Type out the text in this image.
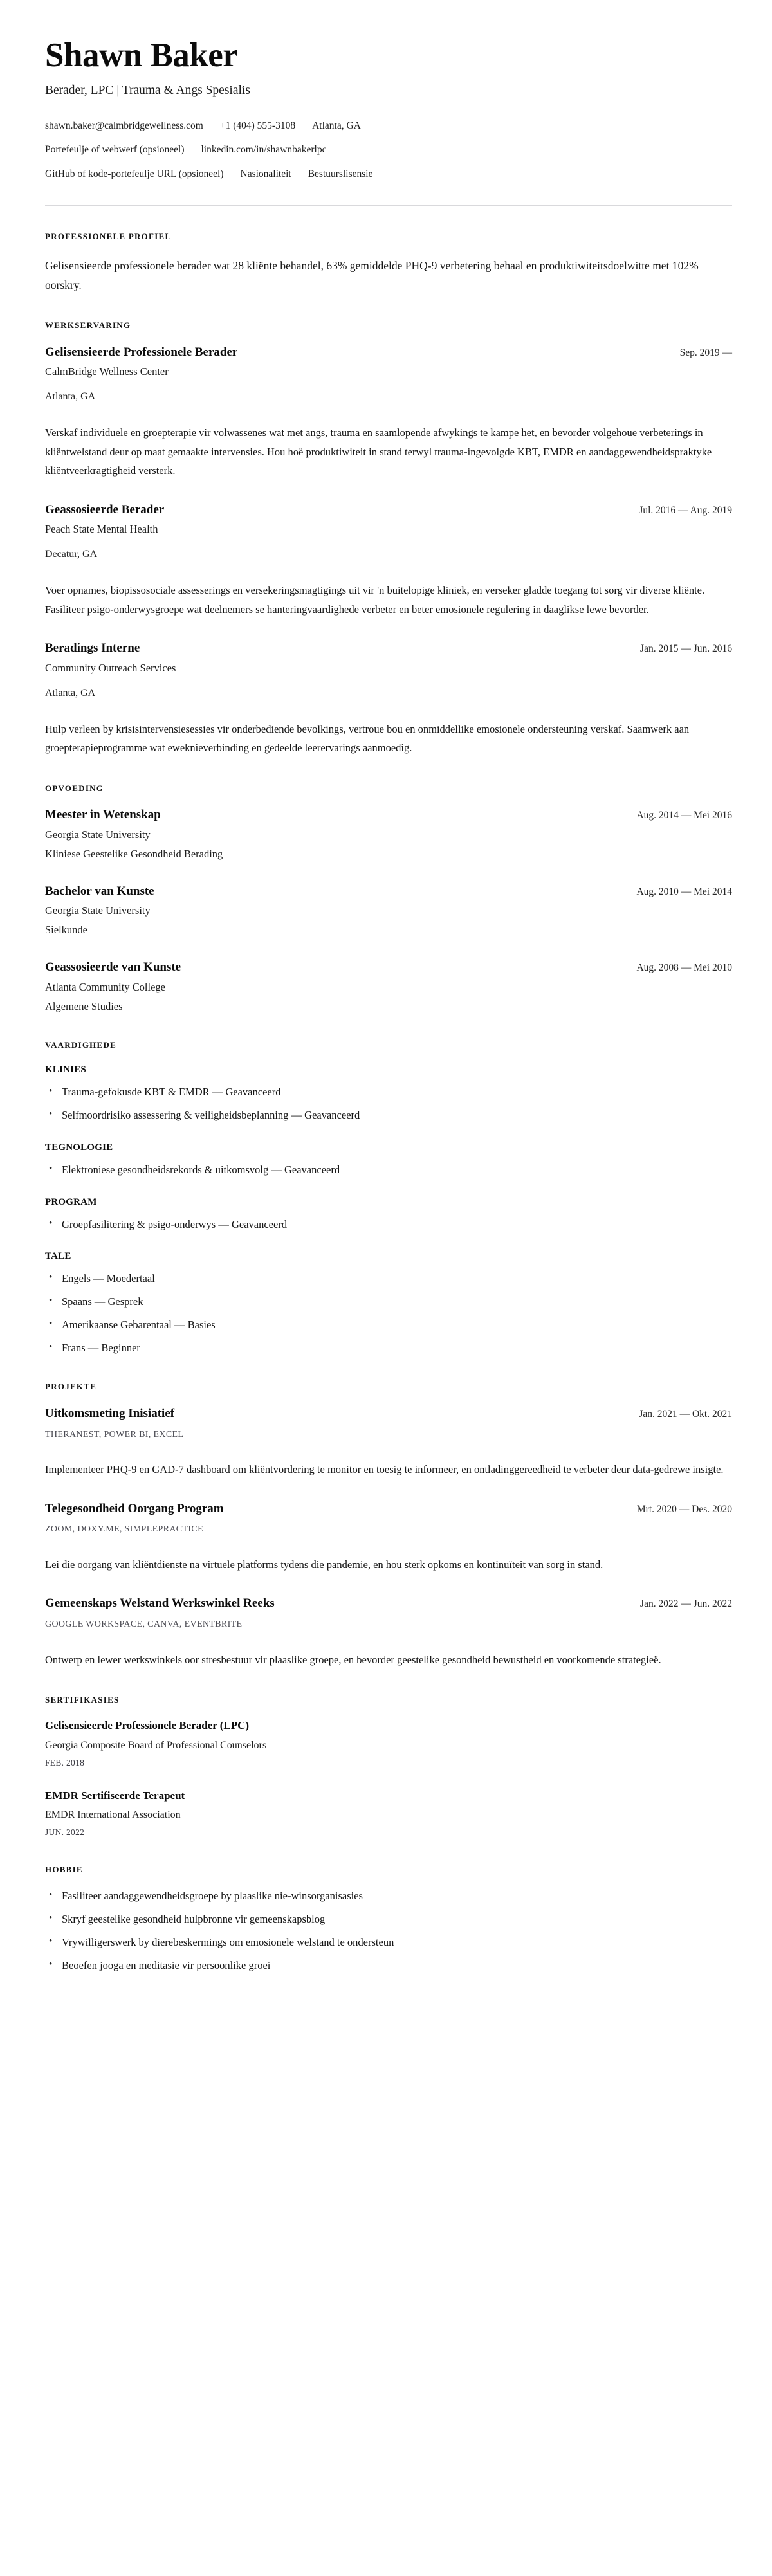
Shawn Baker
Berader, LPC | Trauma & Angs Spesialis
shawn.baker@calmbridgewellness.com +1 (404) 555-3108 Atlanta, GA
Portefeulje of webwerf (opsioneel) linkedin.com/in/shawnbakerlpc
GitHub of kode-portefeulje URL (opsioneel) Nasionaliteit Bestuurslisensie
PROFESSIONELE PROFIEL

Gelisensieerde professionele berader wat 28 kliënte behandel, 63% gemiddelde PHQ-9 verbetering behaal en produktiwiteitsdoelwitte met 102% oorskry.

WERKSERVARING
Gelisensieerde Professionele Berader	Sep. 2019 —
CalmBridge Wellness Center
Atlanta, GA

Verskaf individuele en groepterapie vir volwassenes wat met angs, trauma en saamlopende afwykings te kampe het, en bevorder volgehoue verbeterings in kliëntwelstand deur op maat gemaakte intervensies. Hou hoë produktiwiteit in stand terwyl trauma-ingevolgde KBT, EMDR en aandaggewendheidspraktyke kliëntveerkragtigheid versterk.

Geassosieerde Berader	Jul. 2016 — Aug. 2019
Peach State Mental Health
Decatur, GA

Voer opnames, biopissosociale assesserings en versekeringsmagtigings uit vir 'n buitelopige kliniek, en verseker gladde toegang tot sorg vir diverse kliënte. Fasiliteer psigo-onderwysgroepe wat deelnemers se hanteringvaardighede verbeter en beter emosionele regulering in daaglikse lewe bevorder.

Beradings Interne	Jan. 2015 — Jun. 2016
Community Outreach Services
Atlanta, GA

Hulp verleen by krisisintervensiesessies vir onderbediende bevolkings, vertroue bou en onmiddellike emosionele ondersteuning verskaf. Saamwerk aan groepterapieprogramme wat eweknieverbinding en gedeelde leerervarings aanmoedig.

OPVOEDING
Meester in Wetenskap	Aug. 2014 — Mei 2016
Georgia State University
Kliniese Geestelike Gesondheid Berading
Bachelor van Kunste	Aug. 2010 — Mei 2014
Georgia State University
Sielkunde
Geassosieerde van Kunste	Aug. 2008 — Mei 2010
Atlanta Community College
Algemene Studies
VAARDIGHEDE
KLINIES
• Trauma-gefokusde KBT & EMDR — Geavanceerd
• Selfmoordrisiko assessering & veiligheidsbeplanning — Geavanceerd
TEGNOLOGIE
• Elektroniese gesondheidsrekords & uitkomsvolg — Geavanceerd
PROGRAM
• Groepfasilitering & psigo-onderwys — Geavanceerd
TALE
• Engels — Moedertaal
• Spaans — Gesprek
• Amerikaanse Gebarentaal — Basies
• Frans — Beginner
PROJEKTE
Uitkomsmeting Inisiatief	Jan. 2021 — Okt. 2021
THERANEST, POWER BI, EXCEL

Implementeer PHQ-9 en GAD-7 dashboard om kliëntvordering te monitor en toesig te informeer, en ontladinggereedheid te verbeter deur data-gedrewe insigte.

Telegesondheid Oorgang Program	Mrt. 2020 — Des. 2020
ZOOM, DOXY.ME, SIMPLEPRACTICE

Lei die oorgang van kliëntdienste na virtuele platforms tydens die pandemie, en hou sterk opkoms en kontinuïteit van sorg in stand.

Gemeenskaps Welstand Werkswinkel Reeks	Jan. 2022 — Jun. 2022
GOOGLE WORKSPACE, CANVA, EVENTBRITE

Ontwerp en lewer werkswinkels oor stresbestuur vir plaaslike groepe, en bevorder geestelike gesondheid bewustheid en voorkomende strategieë.

SERTIFIKASIES
Gelisensieerde Professionele Berader (LPC)
Georgia Composite Board of Professional Counselors
FEB. 2018
EMDR Sertifiseerde Terapeut
EMDR International Association
JUN. 2022
HOBBIE
• Fasiliteer aandaggewendheidsgroepe by plaaslike nie-winsorganisasies
• Skryf geestelike gesondheid hulpbronne vir gemeenskapsblog
• Vrywilligerswerk by dierebeskermings om emosionele welstand te ondersteun
• Beoefen jooga en meditasie vir persoonlike groei
